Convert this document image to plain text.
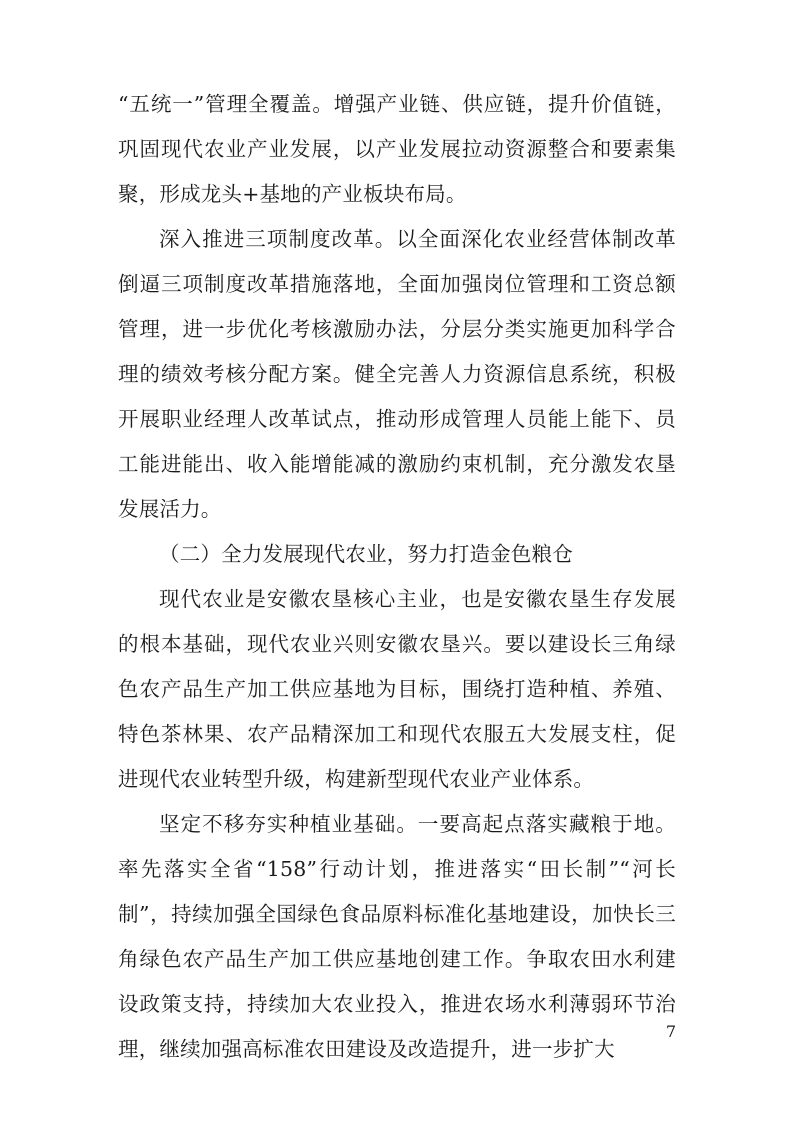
“五统一”管理全覆盖。增强产业链、供应链，提升价值链，巩固现代农业产业发展，以产业发展拉动资源整合和要素集聚，形成龙头+基地的产业板块布局。

深入推进三项制度改革。以全面深化农业经营体制改革倒逼三项制度改革措施落地，全面加强岗位管理和工资总额管理，进一步优化考核激励办法，分层分类实施更加科学合理的绩效考核分配方案。健全完善人力资源信息系统，积极开展职业经理人改革试点，推动形成管理人员能上能下、员工能进能出、收入能增能减的激励约束机制，充分激发农垦发展活力。

（二）全力发展现代农业，努力打造金色粮仓

现代农业是安徽农垦核心主业，也是安徽农垦生存发展的根本基础，现代农业兴则安徽农垦兴。要以建设长三角绿色农产品生产加工供应基地为目标，围绕打造种植、养殖、特色茶林果、农产品精深加工和现代农服五大发展支柱，促进现代农业转型升级，构建新型现代农业产业体系。

坚定不移夯实种植业基础。一要高起点落实藏粮于地。率先落实全省“158”行动计划，推进落实“田长制”“河长制”，持续加强全国绿色食品原料标准化基地建设，加快长三角绿色农产品生产加工供应基地创建工作。争取农田水利建设政策支持，持续加大农业投入，推进农场水利薄弱环节治理，继续加强高标准农田建设及改造提升，进一步扩大

7
